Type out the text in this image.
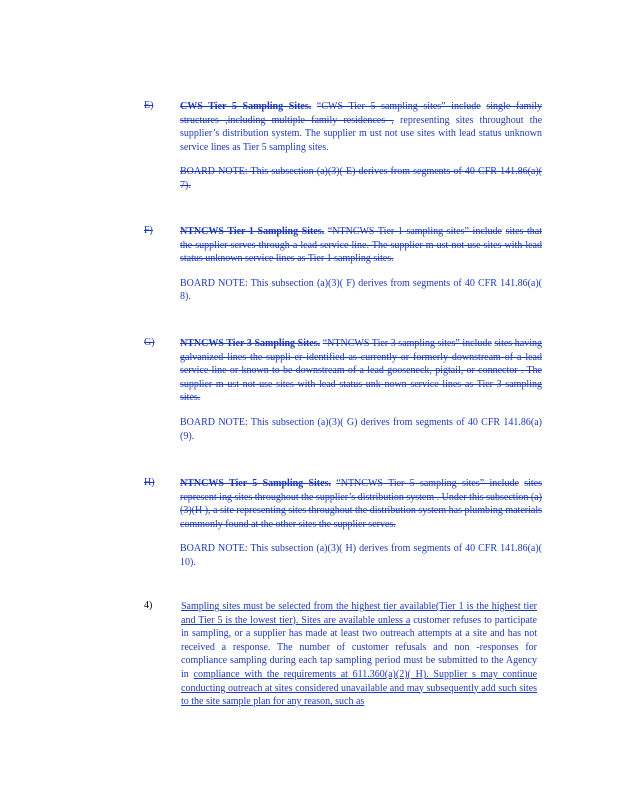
E)	CWS Tier 5 Sampling Sites. “CWS Tier 5 sampling sites” include single family structures ,including multiple family residences , representing sites throughout the supplier’s distribution system. The supplier m ust not use sites with lead status unknown service lines as Tier 5 sampling sites.
BOARD NOTE: This subsection (a)(3)( E) derives from segments of 40 CFR 141.86(a)( 7).
F)	NTNCWS Tier 1 Sampling Sites. “NTNCWS Tier 1 sampling sites” include sites that the supplier serves through a lead service line. The supplier m ust not use sites with lead status unknown service lines as Tier 1 sampling sites.
BOARD NOTE: This subsection (a)(3)( F) derives from segments of 40 CFR 141.86(a)( 8).
G)	NTNCWS Tier 3 Sampling Sites. “NTNCWS Tier 3 sampling sites” include sites having galvanized lines the suppli er identified as currently or formerly downstream of a lead service line or known to be downstream of a lead gooseneck, pigtail, or connector . The supplier m ust not use sites with lead status unk nown service lines as Tier 3 sampling sites.
BOARD NOTE: This subsection (a)(3)( G) derives from segments of 40 CFR 141.86(a)(9).
H)	NTNCWS Tier 5 Sampling Sites. “NTNCWS Tier 5 sampling sites” include sites represent ing sites throughout the supplier’s distribution system . Under this subsection (a)(3)(H ), a site representing sites throughout the distribution system has plumbing materials commonly found at the other sites the supplier serves.
BOARD NOTE: This subsection (a)(3)( H) derives from segments of 40 CFR 141.86(a)( 10).
4)	Sampling sites must be selected from the highest tier available(Tier 1 is the highest tier and Tier 5 is the lowest tier). Sites are available unless a customer refuses to participate in sampling, or a supplier has made at least two outreach attempts at a site and has not received a response. The number of customer refusals and non -responses for compliance sampling during each tap sampling period must be submitted to the Agency in compliance with the requirements at 611.360(a)(2)( H). Supplier s may continue conducting outreach at sites considered unavailable and may subsequently add such sites to the site sample plan for any reason, such as
